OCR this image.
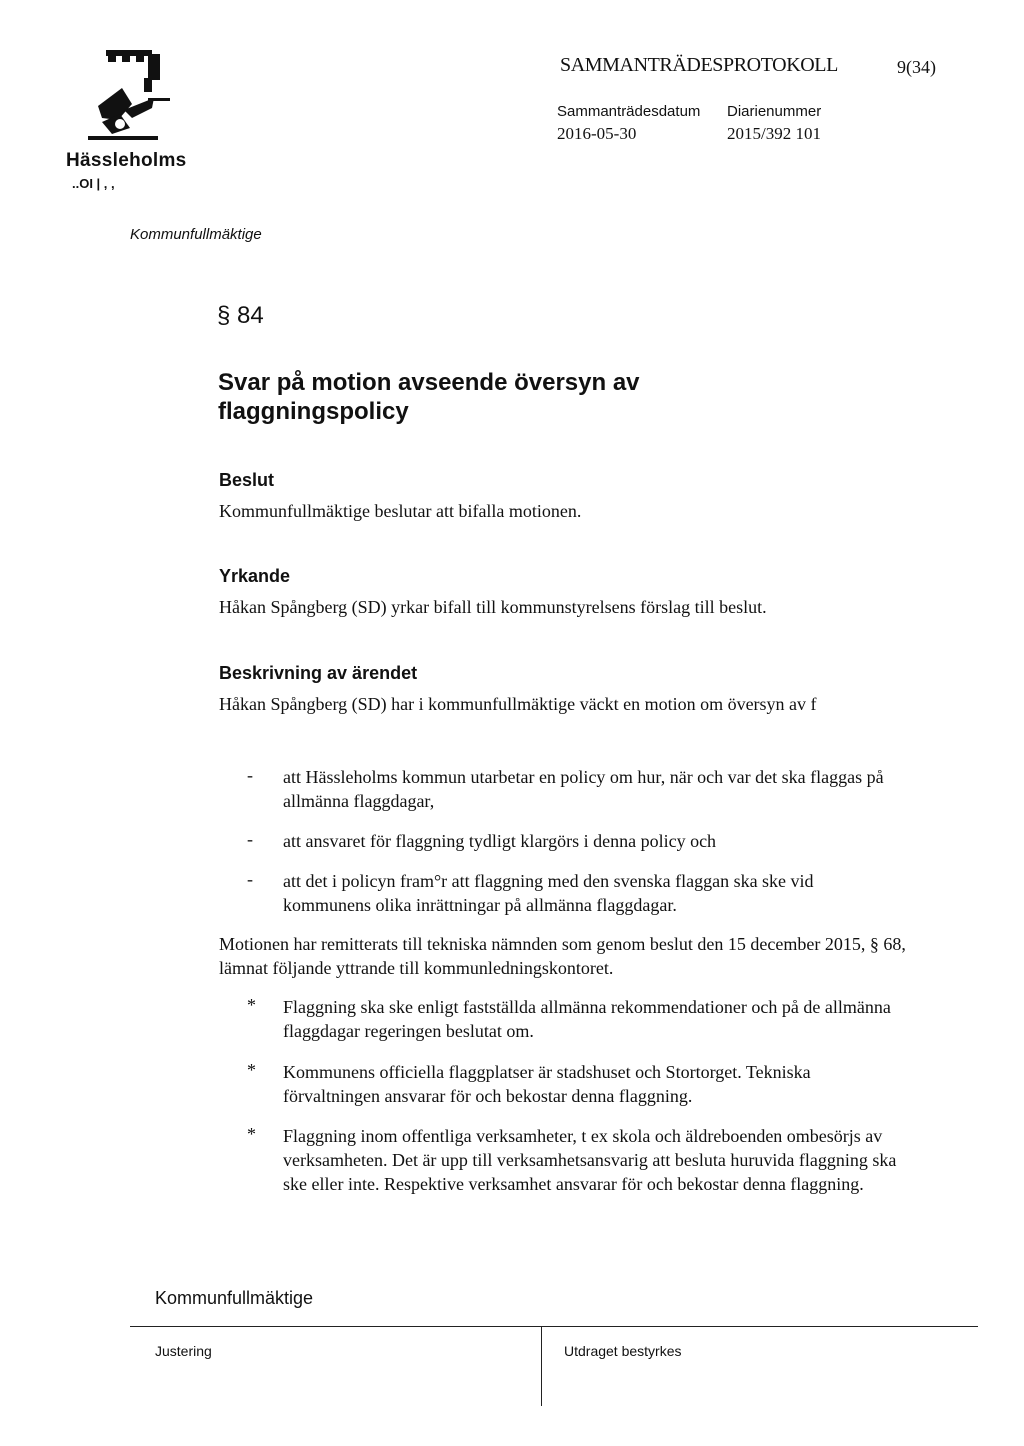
Hässleholms
..OI | , ,
SAMMANTRÄDESPROTOKOLL	9(34)
Sammanträdesdatum Diarienummer
2016-05-30	2015/392 101
Kommunfullmäktige
§ 84
Svar på motion avseende översyn av flaggningspolicy
Beslut
Kommunfullmäktige beslutar att bifalla motionen.
Yrkande
Håkan Spångberg (SD) yrkar bifall till kommunstyrelsens förslag till beslut.
Beskrivning av ärendet
Håkan Spångberg (SD) har i kommunfullmäktige väckt en motion om översyn av f
- att Hässleholms kommun utarbetar en policy om hur, när och var det ska flaggas på allmänna flaggdagar,
- att ansvaret för flaggning tydligt klargörs i denna policy och
- att det i policyn fram°r att flaggning med den svenska flaggan ska ske vid kommunens olika inrättningar på allmänna flaggdagar.
Motionen har remitterats till tekniska nämnden som genom beslut den 15 december 2015, § 68, lämnat följande yttrande till kommunledningskontoret.
* Flaggning ska ske enligt fastställda allmänna rekommendationer och på de allmänna flaggdagar regeringen beslutat om.
* Kommunens officiella flaggplatser är stadshuset och Stortorget. Tekniska förvaltningen ansvarar för och bekostar denna flaggning.
* Flaggning inom offentliga verksamheter, t ex skola och äldreboenden ombesörjs av verksamheten. Det är upp till verksamhetsansvarig att besluta huruvida flaggning ska ske eller inte. Respektive verksamhet ansvarar för och bekostar denna flaggning.
Kommunfullmäktige
Justering	Utdraget bestyrkes
